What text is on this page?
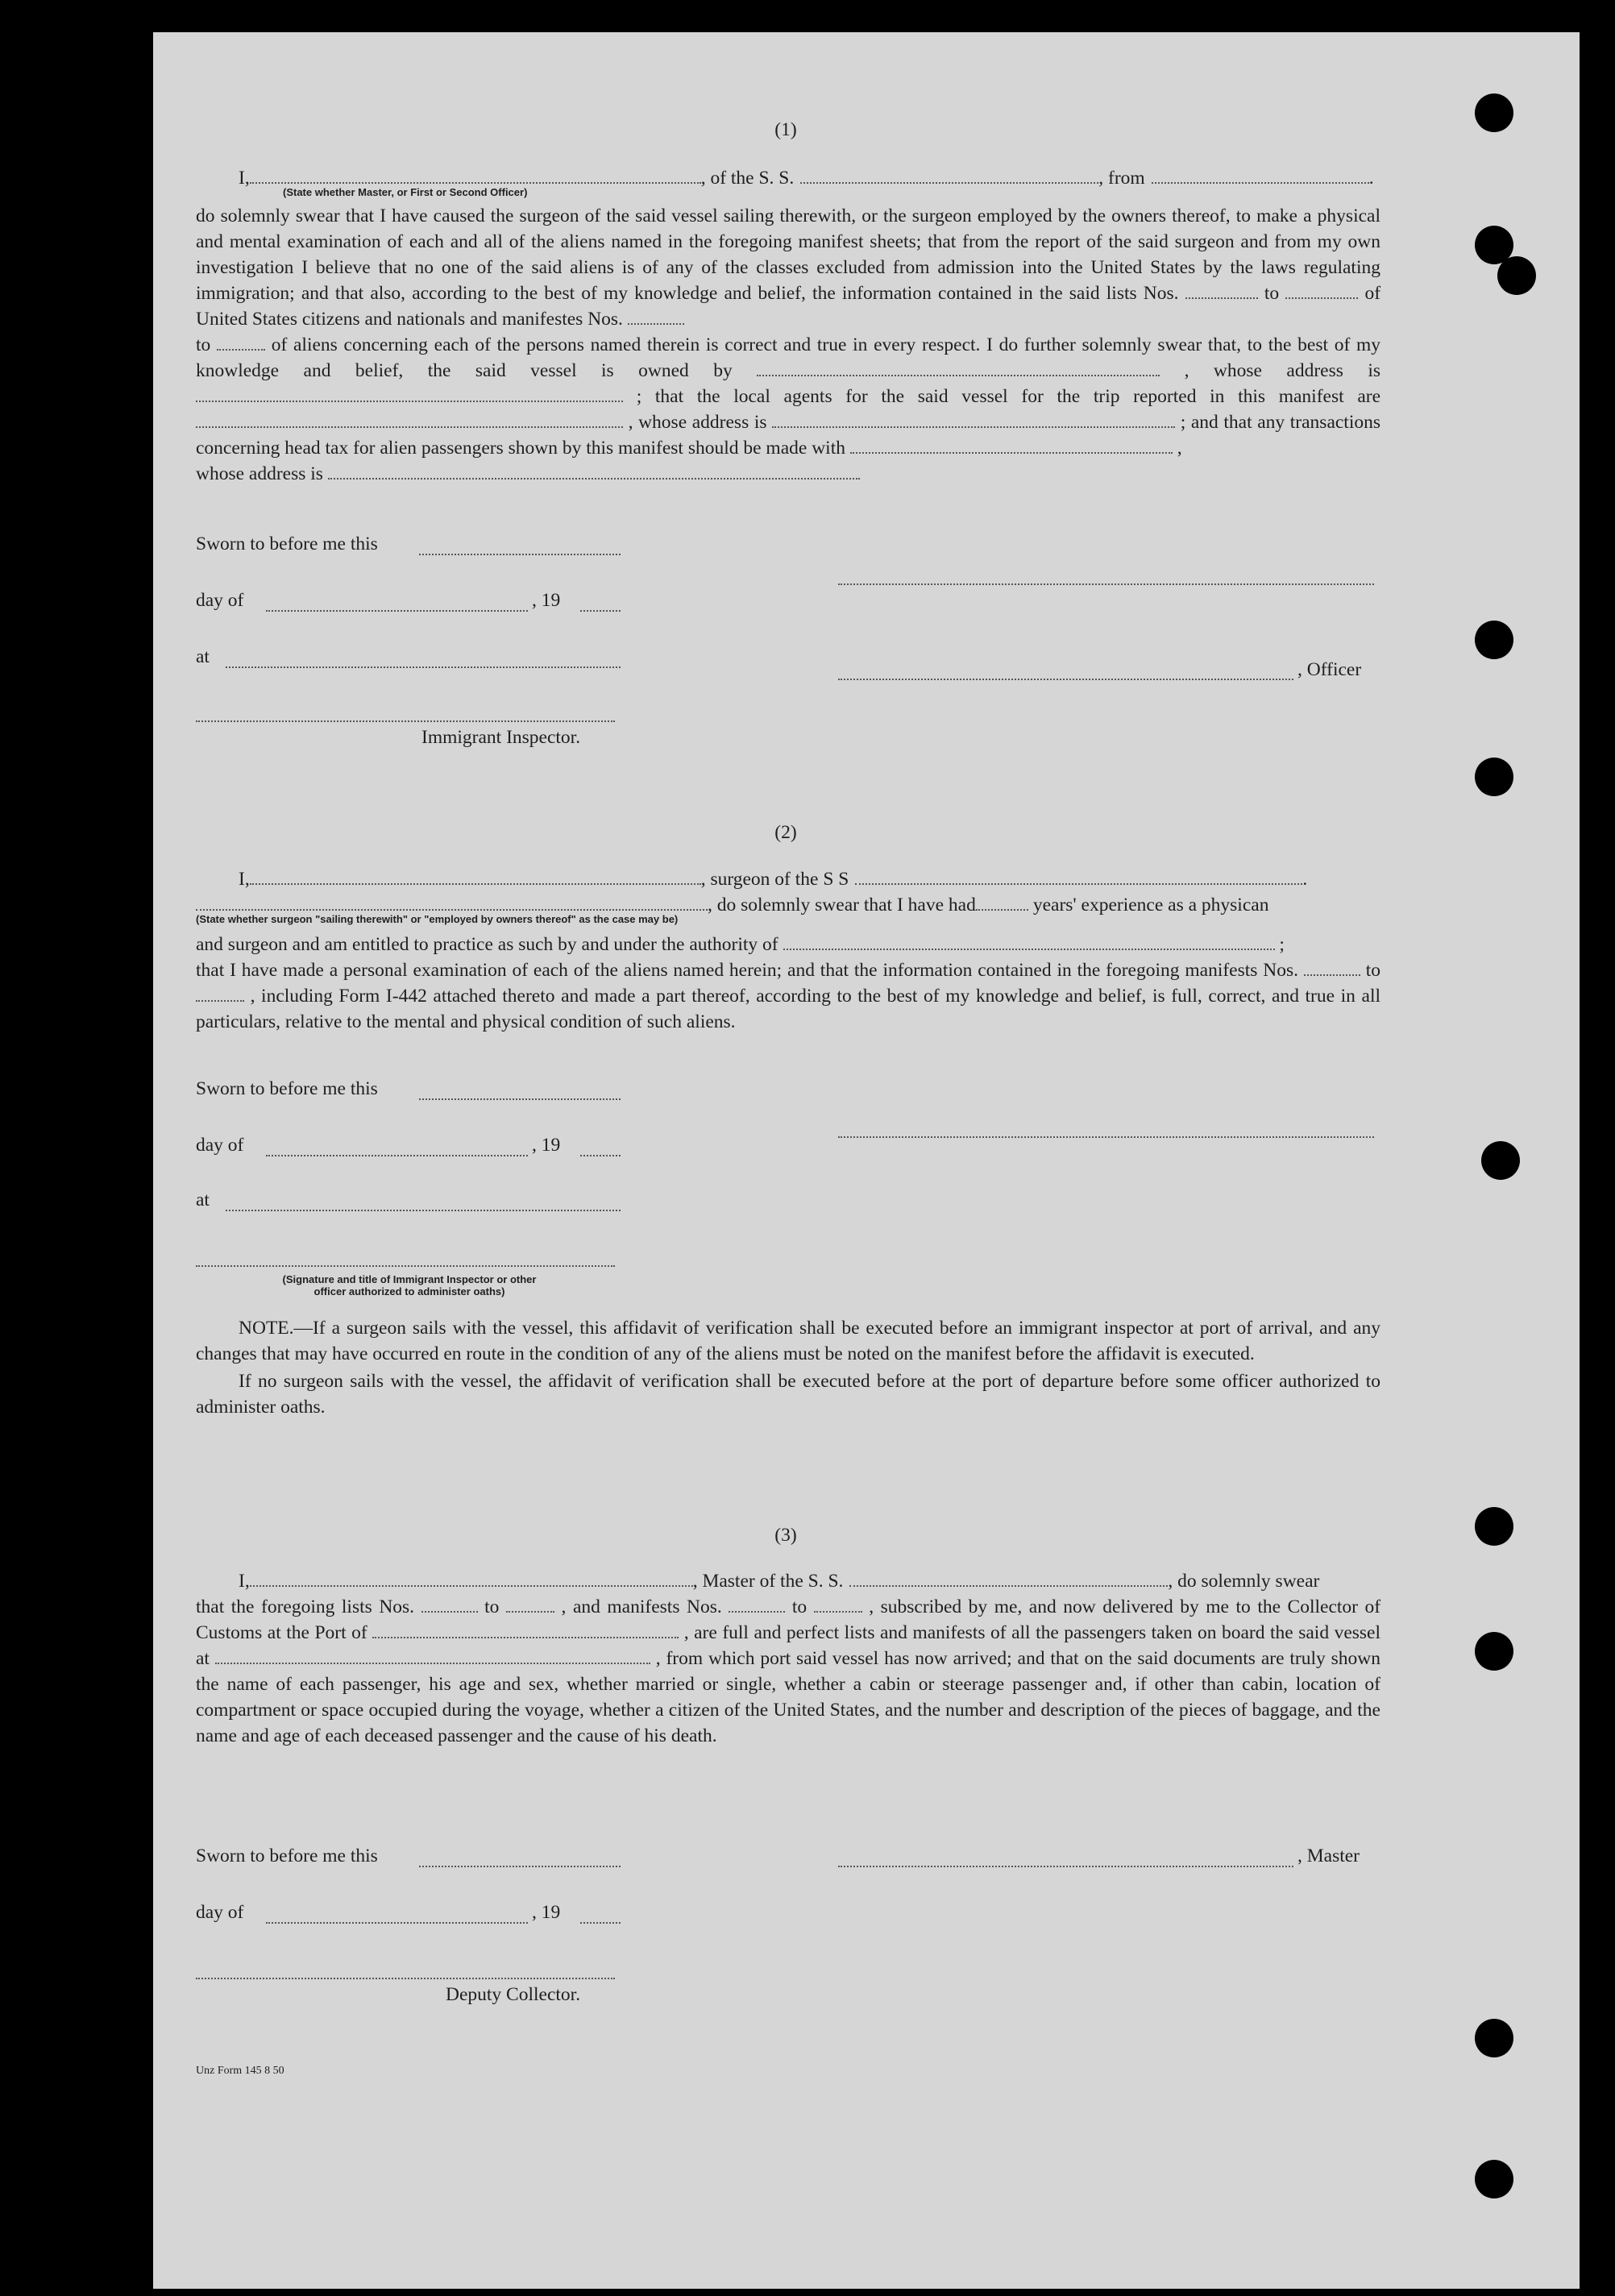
(1)
I,	, of the S. S.	, from	.
(State whether Master, or First or Second Officer)

do solemnly swear that I have caused the surgeon of the said vessel sailing therewith, or the surgeon employed by the owners thereof, to make a physical and mental examination of each and all of the aliens named in the foregoing manifest sheets; that from the report of the said surgeon and from my own investigation I believe that no one of the said aliens is of any of the classes excluded from admission into the United States by the laws regulating immigration; and that also, according to the best of my knowledge and belief, the information contained in the said lists Nos.	to	of United States citizens and nationals and manifestes Nos.
to	of aliens concerning each of the persons named therein is correct and true in every respect. I do further solemnly swear that, to the best of my knowledge and belief, the said vessel is owned by	, whose address is  ; that the local agents for the said vessel for the trip reported in this manifest are  , whose address is	; and that any transactions concerning head tax for alien passengers shown by this manifest should be made with	,
whose address is

Sworn to before me this
day of	, 19
at
, Officer
Immigrant Inspector.
(2)
I,	, surgeon of the S S	.
, do solemnly swear that I have had	years' experience as a physican
(State whether surgeon "sailing therewith" or "employed by owners thereof" as the case may be)

and surgeon and am entitled to practice as such by and under the authority of	;
that I have made a personal examination of each of the aliens named herein; and that the information contained in the foregoing manifests Nos.	to  , including Form I-442 attached thereto and made a part thereof, according to the best of my knowledge and belief, is full, correct, and true in all particulars, relative to the mental and physical condition of such aliens.

Sworn to before me this
day of	, 19
at
(Signature and title of Immigrant Inspector or other
officer authorized to administer oaths)

NOTE.—If a surgeon sails with the vessel, this affidavit of verification shall be executed before an immigrant inspector at port of arrival, and any changes that may have occurred en route in the condition of any of the aliens must be noted on the manifest before the affidavit is executed.

If no surgeon sails with the vessel, the affidavit of verification shall be executed before at the port of departure before some officer authorized to administer oaths.

(3)
I,	, Master of the S. S.	, do solemnly swear

that the foregoing lists Nos.	to	, and manifests Nos.	to	, subscribed by me, and now delivered by me to the Collector of Customs at the Port of	, are full and perfect lists and manifests of all the passengers taken on board the said vessel at	, from which port said vessel has now arrived; and that on the said documents are truly shown the name of each passenger, his age and sex, whether married or single, whether a cabin or steerage passenger and, if other than cabin, location of compartment or space occupied during the voyage, whether a citizen of the United States, and the number and description of the pieces of baggage, and the name and age of each deceased passenger and the cause of his death.

Sworn to before me this	, Master
day of	, 19
Deputy Collector.
Unz Form 145 8 50
